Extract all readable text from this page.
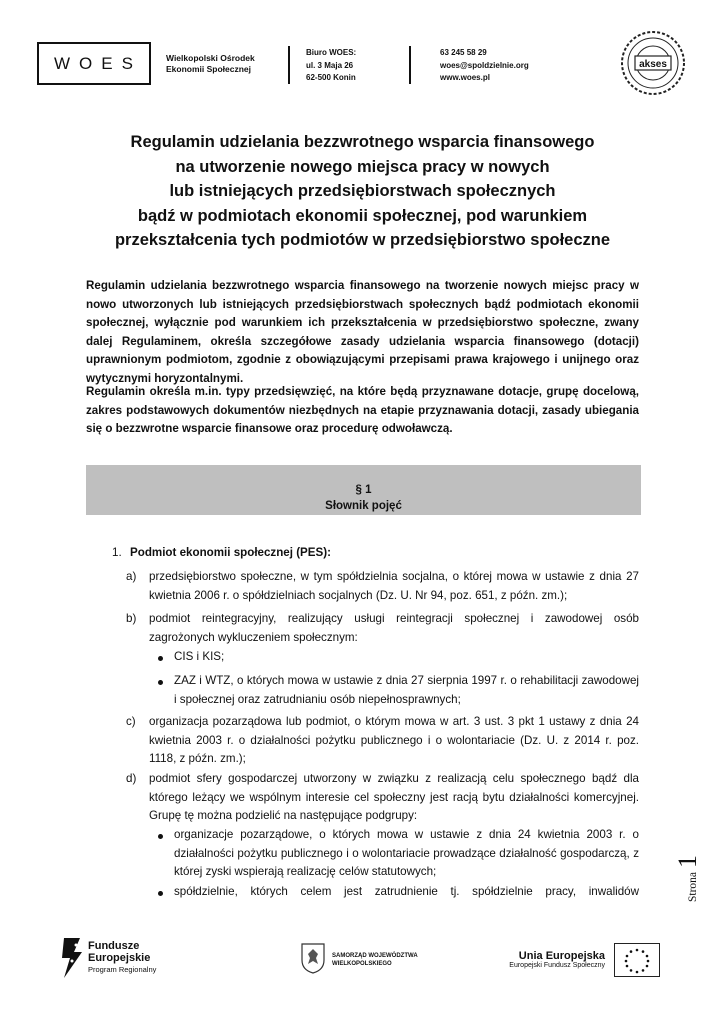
WOES	Wielkopolski Ośrodek
Ekonomii Społecznej
Biuro WOES:
ul. 3 Maja 26
62-500 Konin
63 245 58 29
woes@spoldzielnie.org
www.woes.pl
akses
Regulamin udzielania bezzwrotnego wsparcia finansowego
na utworzenie nowego miejsca pracy w nowych
lub istniejących przedsiębiorstwach społecznych
bądź w podmiotach ekonomii społecznej, pod warunkiem
przekształcenia tych podmiotów w przedsiębiorstwo społeczne

Regulamin udzielania bezzwrotnego wsparcia finansowego na tworzenie nowych miejsc pracy w nowo utworzonych lub istniejących przedsiębiorstwach społecznych bądź podmiotach ekonomii społecznej, wyłącznie pod warunkiem ich przekształcenia w przedsiębiorstwo społeczne, zwany dalej Regulaminem, określa szczegółowe zasady udzielania wsparcia finansowego (dotacji) uprawnionym podmiotom, zgodnie z obowiązującymi przepisami prawa krajowego i unijnego oraz wytycznymi horyzontalnymi.

Regulamin określa m.in. typy przedsięwzięć, na które będą przyznawane dotacje, grupę docelową, zakres podstawowych dokumentów niezbędnych na etapie przyznawania dotacji, zasady ubiegania się o bezzwrotne wsparcie finansowe oraz procedurę odwoławczą.

§ 1
Słownik pojęć
1. Podmiot ekonomii społecznej (PES):
a) przedsiębiorstwo społeczne, w tym spółdzielnia socjalna, o której mowa w ustawie z dnia 27 kwietnia 2006 r. o spółdzielniach socjalnych (Dz. U. Nr 94, poz. 651, z późn. zm.);
b) podmiot reintegracyjny, realizujący usługi reintegracji społecznej i zawodowej osób zagrożonych wykluczeniem społecznym:
CIS i KIS;
ZAZ i WTZ, o których mowa w ustawie z dnia 27 sierpnia 1997 r. o rehabilitacji zawodowej i społecznej oraz zatrudnianiu osób niepełnosprawnych;
c) organizacja pozarządowa lub podmiot, o którym mowa w art. 3 ust. 3 pkt 1 ustawy z dnia 24 kwietnia 2003 r. o działalności pożytku publicznego i o wolontariacie (Dz. U. z 2014 r. poz. 1118, z późn. zm.);
d) podmiot sfery gospodarczej utworzony w związku z realizacją celu społecznego bądź dla którego leżący we wspólnym interesie cel społeczny jest racją bytu działalności komercyjnej. Grupę tę można podzielić na następujące podgrupy:
organizacje pozarządowe, o których mowa w ustawie z dnia 24 kwietnia 2003 r. o działalności pożytku publicznego i o wolontariacie prowadzące działalność gospodarczą, z której zyski wspierają realizację celów statutowych;
spółdzielnie, których celem jest zatrudnienie tj. spółdzielnie pracy, inwalidów	Strona1
Fundusze
Europejskie
Program Regionalny
SAMORZĄD WOJEWÓDZTWA
WIELKOPOLSKIEGO
Unia Europejska
Europejski Fundusz Społeczny
